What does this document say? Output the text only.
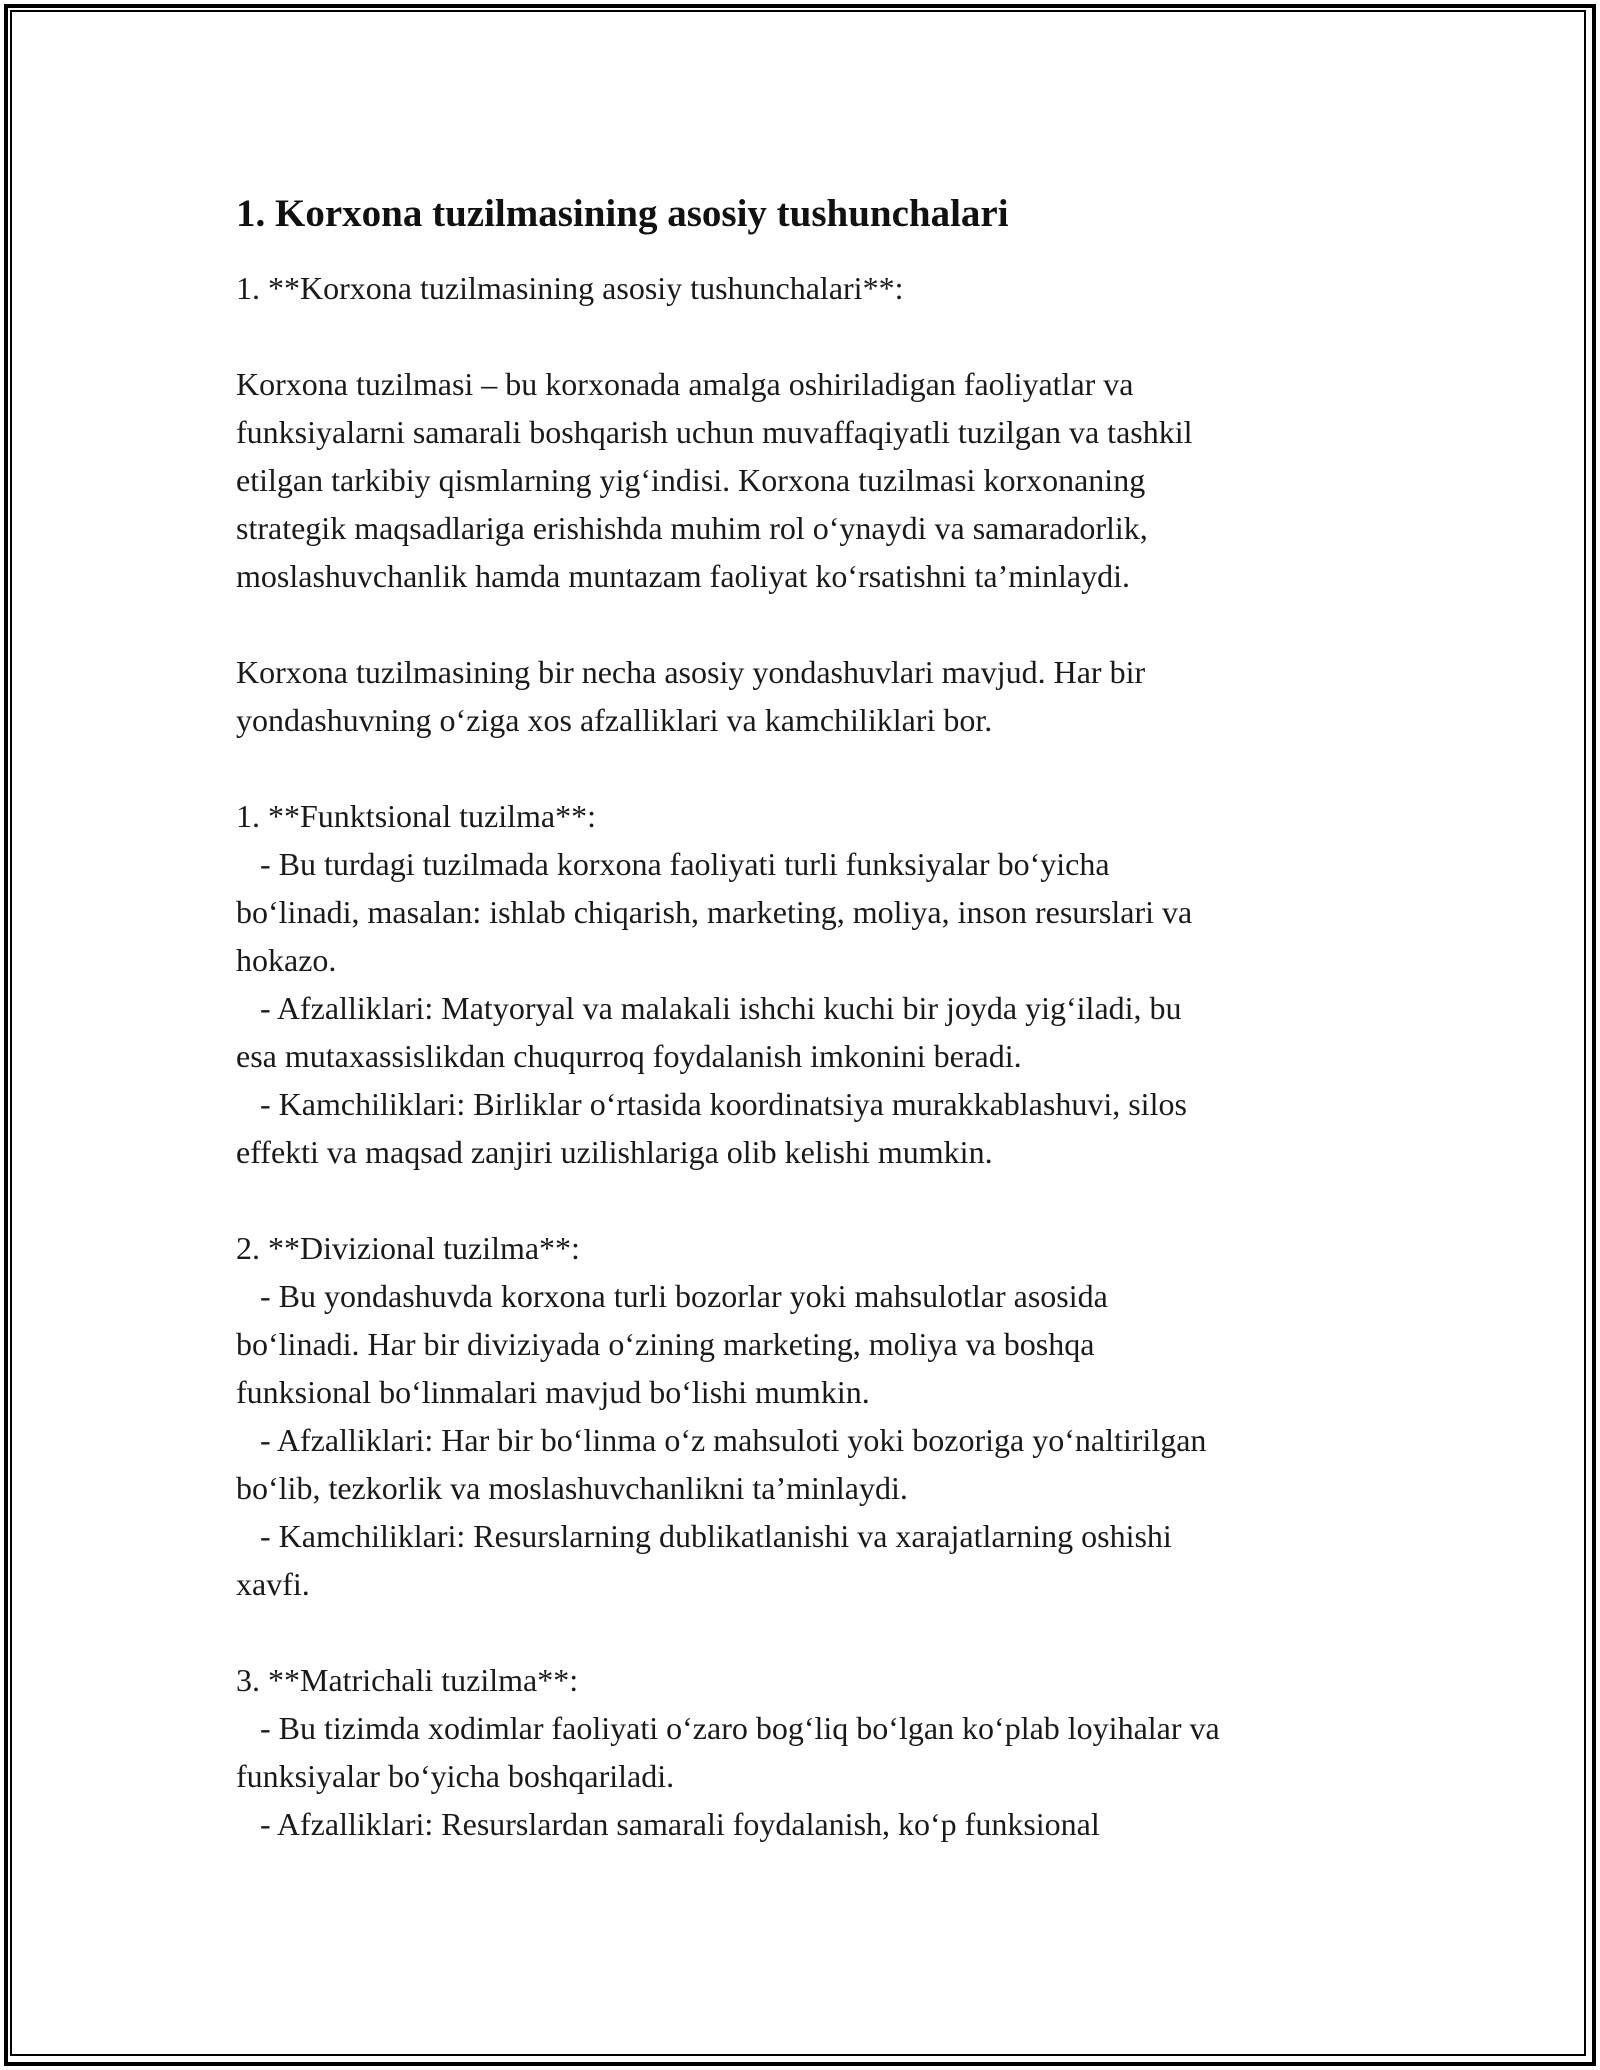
1. Korxona tuzilmasining asosiy tushunchalari

1. **Korxona tuzilmasining asosiy tushunchalari**:

Korxona tuzilmasi – bu korxonada amalga oshiriladigan faoliyatlar va

funksiyalarni samarali boshqarish uchun muvaffaqiyatli tuzilgan va tashkil

etilgan tarkibiy qismlarning yig‘indisi. Korxona tuzilmasi korxonaning

strategik maqsadlariga erishishda muhim rol o‘ynaydi va samaradorlik,

moslashuvchanlik hamda muntazam faoliyat ko‘rsatishni ta’minlaydi.

Korxona tuzilmasining bir necha asosiy yondashuvlari mavjud. Har bir

yondashuvning o‘ziga xos afzalliklari va kamchiliklari bor.

1. **Funktsional tuzilma**:

- Bu turdagi tuzilmada korxona faoliyati turli funksiyalar bo‘yicha

bo‘linadi, masalan: ishlab chiqarish, marketing, moliya, inson resurslari va

hokazo.

- Afzalliklari: Matyoryal va malakali ishchi kuchi bir joyda yig‘iladi, bu

esa mutaxassislikdan chuqurroq foydalanish imkonini beradi.

- Kamchiliklari: Birliklar o‘rtasida koordinatsiya murakkablashuvi, silos

effekti va maqsad zanjiri uzilishlariga olib kelishi mumkin.

2. **Divizional tuzilma**:

- Bu yondashuvda korxona turli bozorlar yoki mahsulotlar asosida

bo‘linadi. Har bir diviziyada o‘zining marketing, moliya va boshqa

funksional bo‘linmalari mavjud bo‘lishi mumkin.

- Afzalliklari: Har bir bo‘linma o‘z mahsuloti yoki bozoriga yo‘naltirilgan

bo‘lib, tezkorlik va moslashuvchanlikni ta’minlaydi.

- Kamchiliklari: Resurslarning dublikatlanishi va xarajatlarning oshishi

xavfi.

3. **Matrichali tuzilma**:

- Bu tizimda xodimlar faoliyati o‘zaro bog‘liq bo‘lgan ko‘plab loyihalar va

funksiyalar bo‘yicha boshqariladi.

- Afzalliklari: Resurslardan samarali foydalanish, ko‘p funksional
